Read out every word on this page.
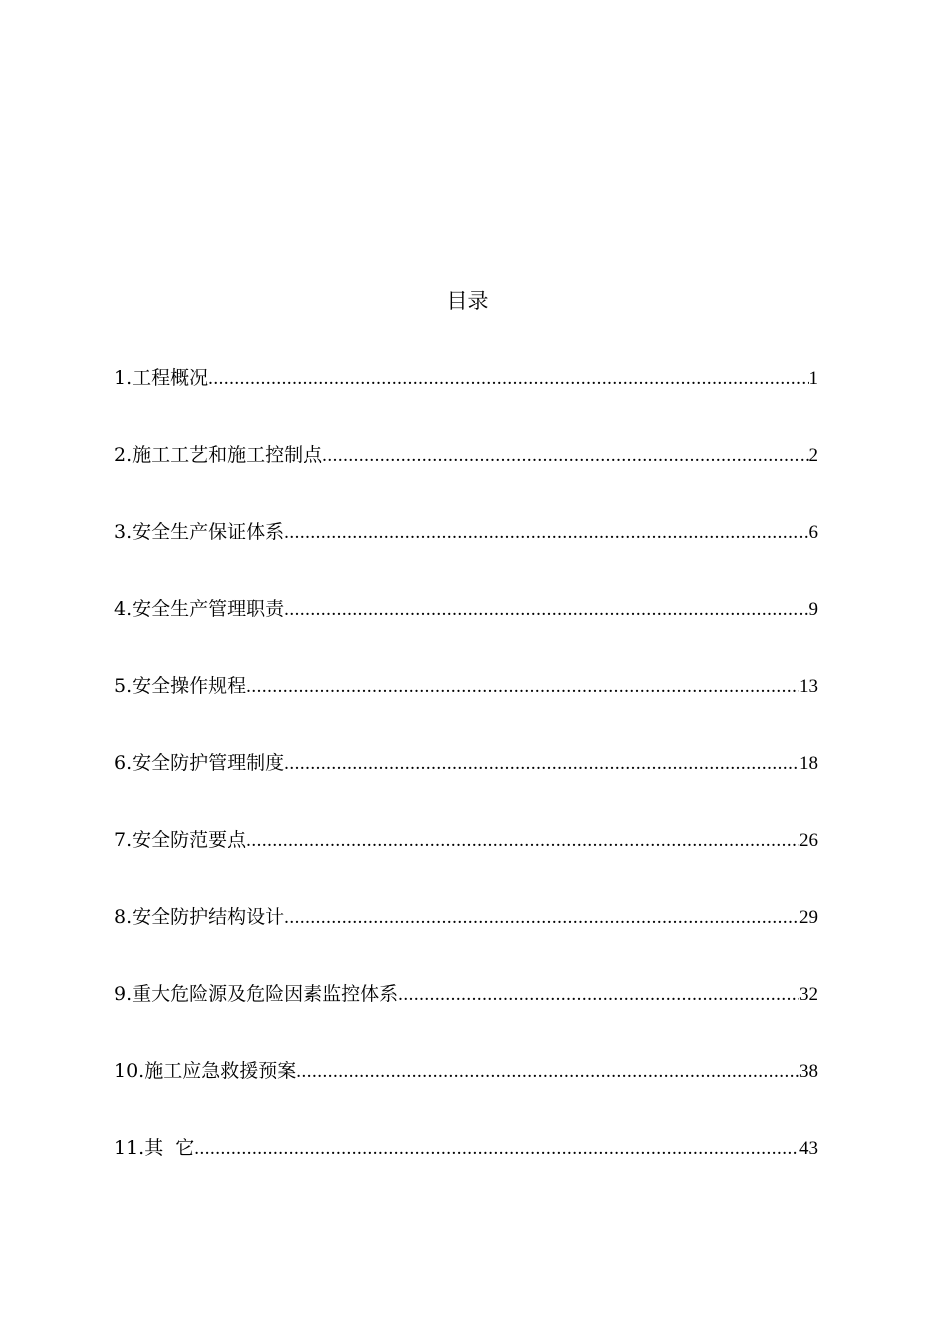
目录
1.工程概况 .....	1
2.施工工艺和施工控制点 .....	2
3.安全生产保证体系 .....	6
4.安全生产管理职责 .....	9
5.安全操作规程 .....	13
6.安全防护管理制度 .....	18
7.安全防范要点 .....	26
8.安全防护结构设计 .....	29
9.重大危险源及危险因素监控体系 .....	32
10.施工应急救援预案 .....	38
11.其  它 .....	43
